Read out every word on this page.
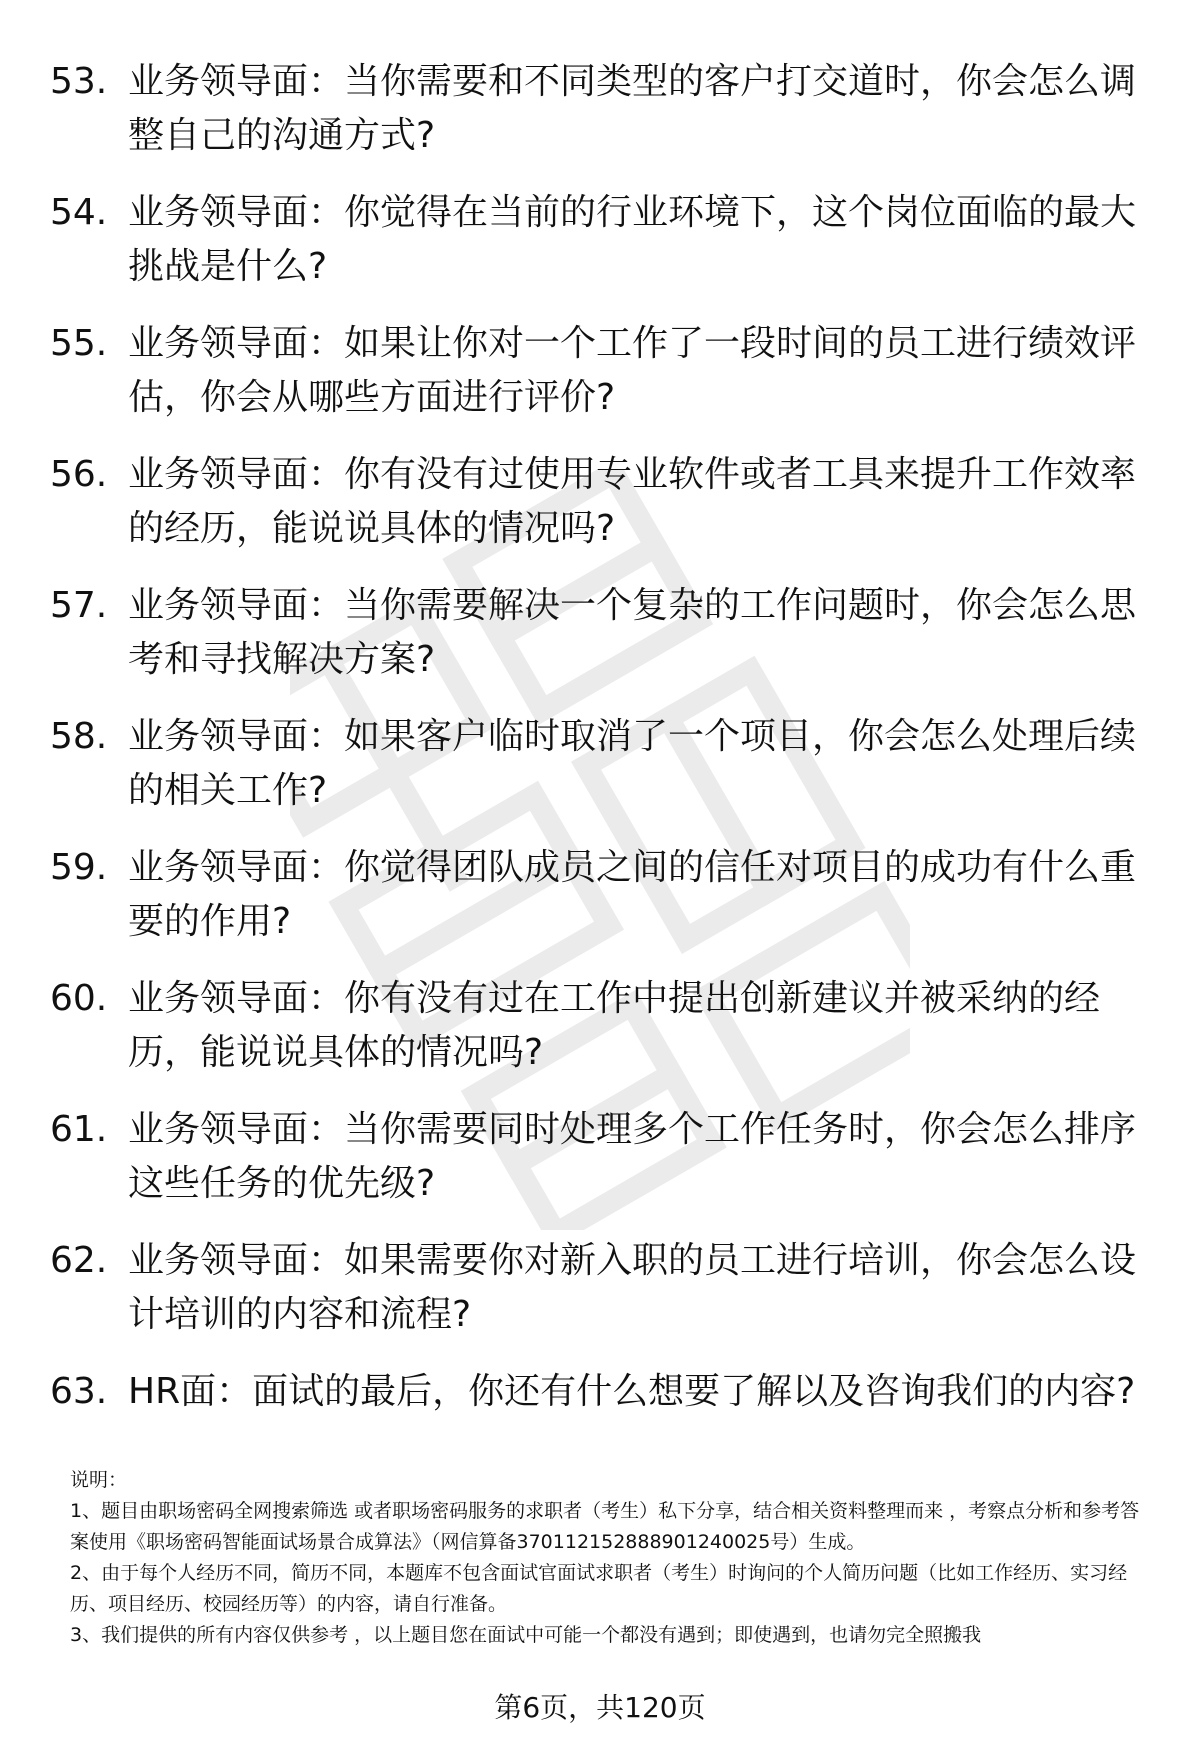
53. 业务领导面：当你需要和不同类型的客户打交道时，你会怎么调整自己的沟通方式?
54. 业务领导面：你觉得在当前的行业环境下，这个岗位面临的最大挑战是什么?
55. 业务领导面：如果让你对一个工作了一段时间的员工进行绩效评估，你会从哪些方面进行评价?
56. 业务领导面：你有没有过使用专业软件或者工具来提升工作效率的经历，能说说具体的情况吗?
57. 业务领导面：当你需要解决一个复杂的工作问题时，你会怎么思考和寻找解决方案?
58. 业务领导面：如果客户临时取消了一个项目，你会怎么处理后续的相关工作?
59. 业务领导面：你觉得团队成员之间的信任对项目的成功有什么重要的作用?
60. 业务领导面：你有没有过在工作中提出创新建议并被采纳的经历，能说说具体的情况吗?
61. 业务领导面：当你需要同时处理多个工作任务时，你会怎么排序这些任务的优先级?
62. 业务领导面：如果需要你对新入职的员工进行培训，你会怎么设计培训的内容和流程?
63. HR面：面试的最后，你还有什么想要了解以及咨询我们的内容?

说明：

1、题目由职场密码全网搜索筛选 或者职场密码服务的求职者（考生）私下分享，结合相关资料整理而来 ，考察点分析和参考答案使用《职场密码智能面试场景合成算法》（网信算备370112152888901240025号）生成。

2、由于每个人经历不同，简历不同，本题库不包含面试官面试求职者（考生）时询问的个人简历问题（比如工作经历、实习经历、项目经历、校园经历等）的内容，请自行准备。

3、我们提供的所有内容仅供参考 ，以上题目您在面试中可能一个都没有遇到；即使遇到，也请勿完全照搬我

第6页，共120页
